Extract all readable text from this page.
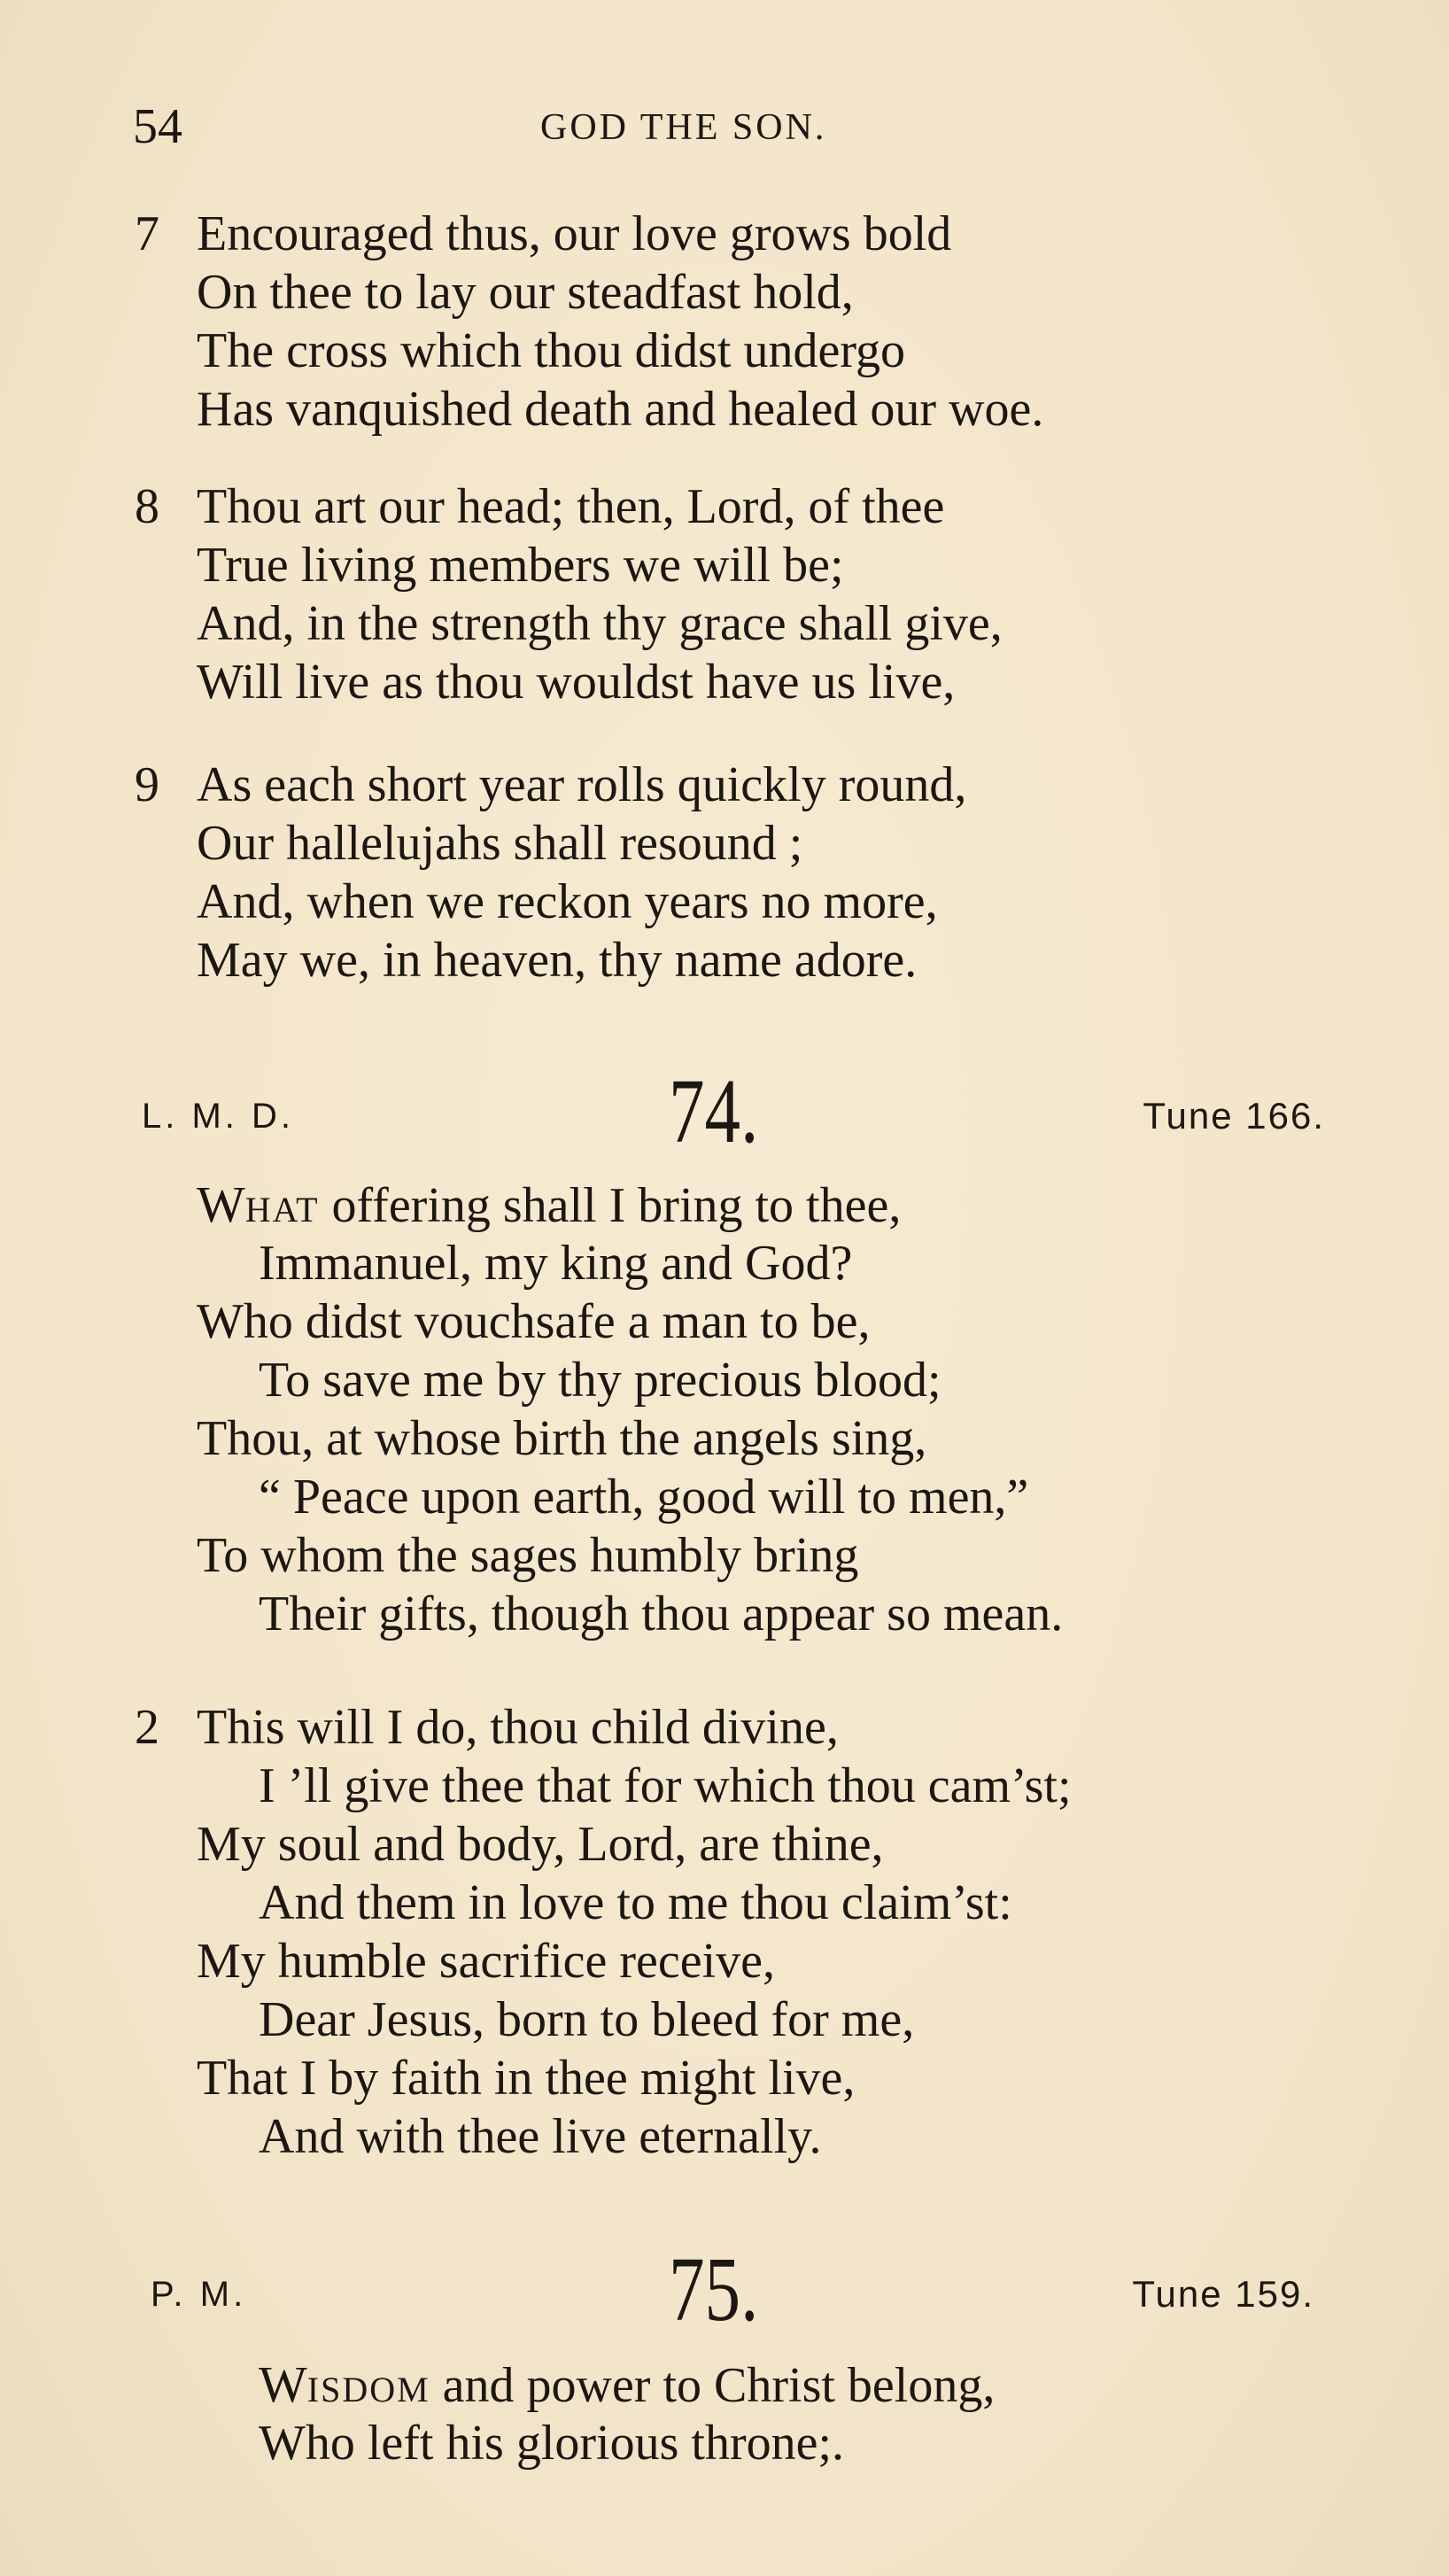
54	GOD THE SON.
7 Encouraged thus, our love grows bold
On thee to lay our steadfast hold,
The cross which thou didst undergo
Has vanquished death and healed our woe.
8 Thou art our head; then, Lord, of thee
True living members we will be;
And, in the strength thy grace shall give,
Will live as thou wouldst have us live,
9 As each short year rolls quickly round,
Our hallelujahs shall resound ;
And, when we reckon years no more,
May we, in heaven, thy name adore.
L. M. D.	74.	Tune 166.
WHAT offering shall I bring to thee,
Immanuel, my king and God?
Who didst vouchsafe a man to be,
To save me by thy precious blood;
Thou, at whose birth the angels sing,
“ Peace upon earth, good will to men,”
To whom the sages humbly bring
Their gifts, though thou appear so mean.
2 This will I do, thou child divine,
I ’ll give thee that for which thou cam’st;
My soul and body, Lord, are thine,
And them in love to me thou claim’st:
My humble sacrifice receive,
Dear Jesus, born to bleed for me,
That I by faith in thee might live,
And with thee live eternally.
P. M.	75.	Tune 159.
WISDOM and power to Christ belong,
Who left his glorious throne;.
